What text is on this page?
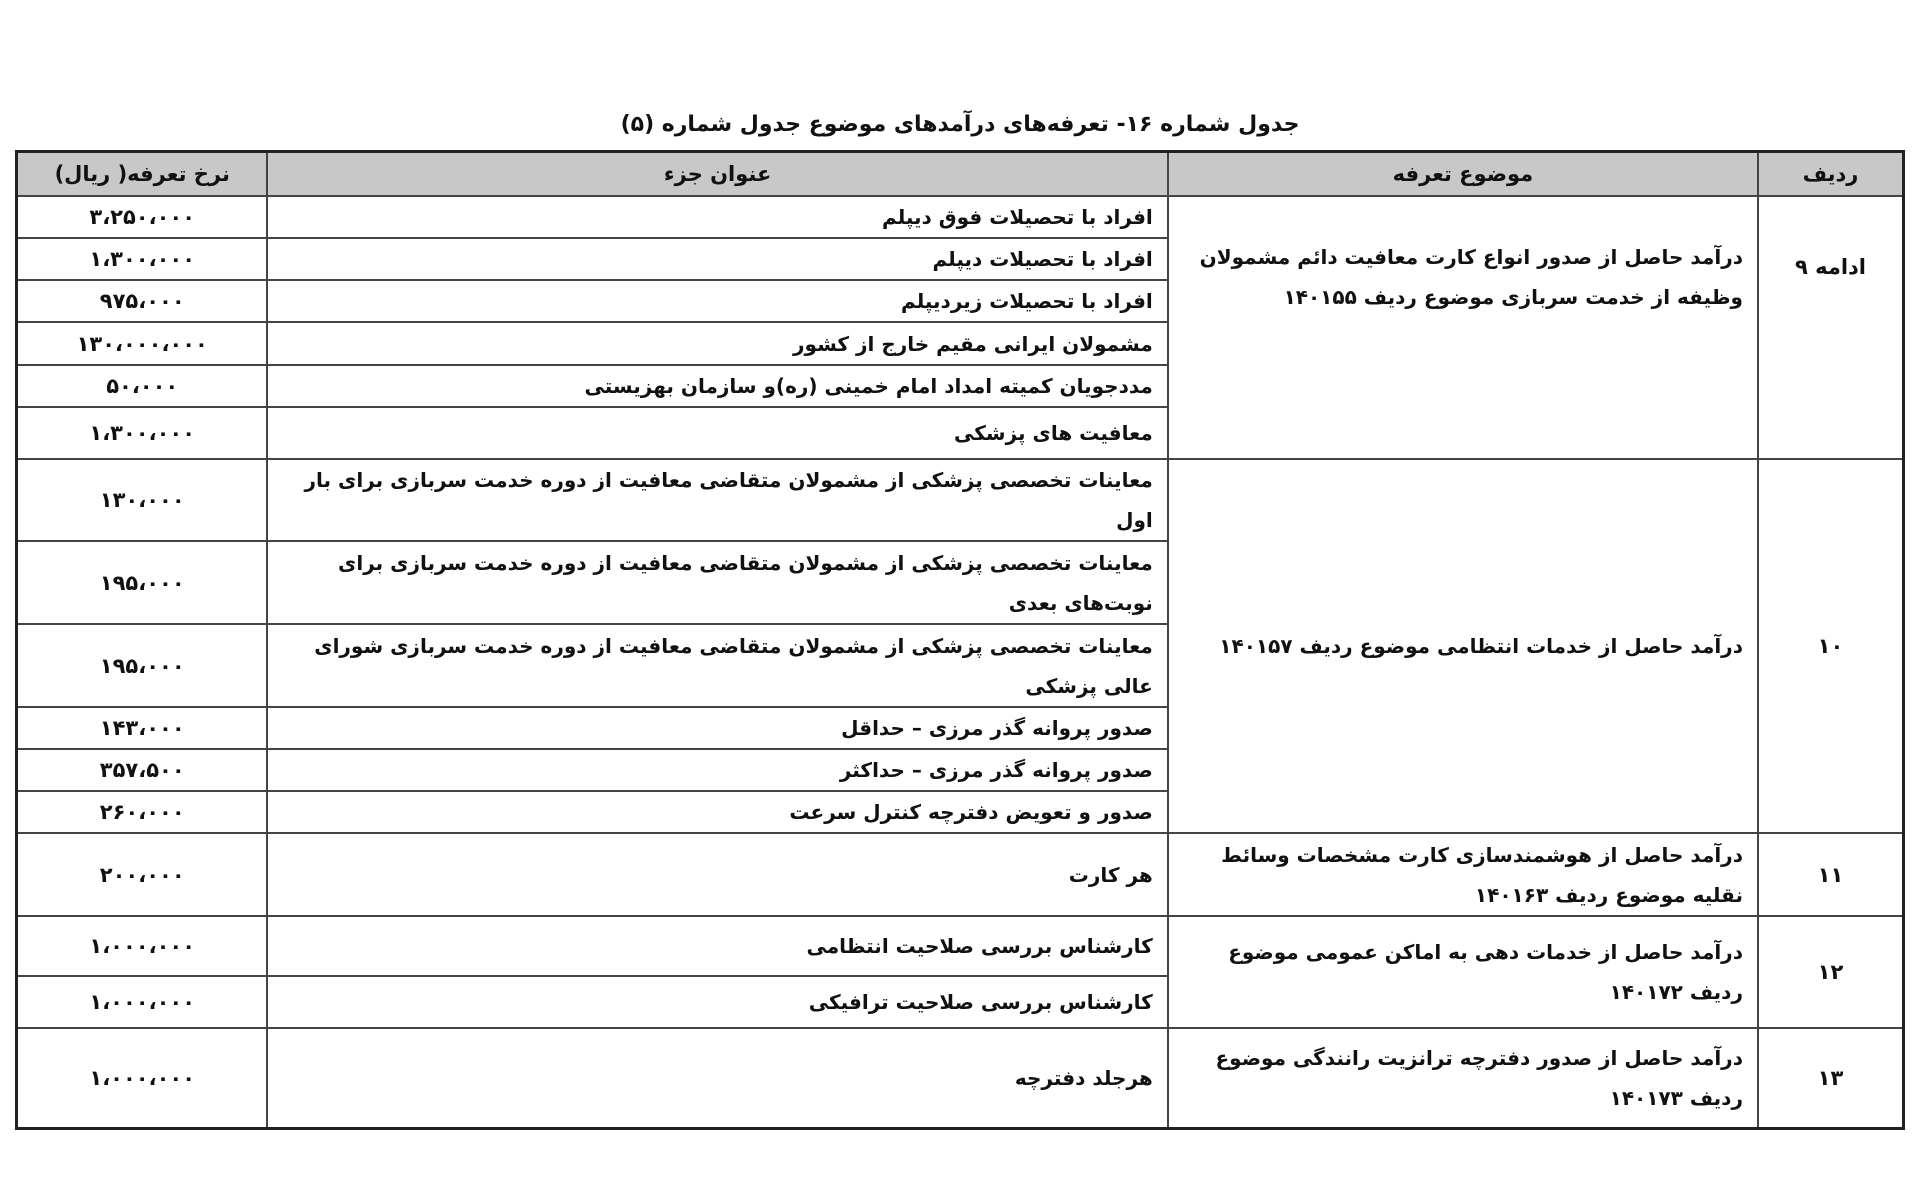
جدول شماره ۱۶- تعرفه‌های درآمدهای موضوع جدول شماره (۵)
ردیف	موضوع تعرفه	عنوان جزء	نرخ تعرفه( ریال)
ادامه ۹	درآمد حاصل از صدور انواع کارت معافیت دائم مشمولان وظیفه از خدمت سربازی موضوع ردیف ۱۴۰۱۵۵	افراد با تحصیلات فوق دیپلم	۳،۲۵۰،۰۰۰
		افراد با تحصیلات دیپلم	۱،۳۰۰،۰۰۰
		افراد با تحصیلات زیردیپلم	۹۷۵،۰۰۰
		مشمولان ایرانی مقیم خارج از کشور	۱۳۰،۰۰۰،۰۰۰
		مددجویان کمیته امداد امام خمینی (ره)و سازمان بهزیستی	۵۰،۰۰۰
		معافیت های پزشکی	۱،۳۰۰،۰۰۰
۱۰	درآمد حاصل از خدمات انتظامی موضوع ردیف ۱۴۰۱۵۷	معاینات تخصصی پزشکی از مشمولان متقاضی معافیت از دوره خدمت سربازی برای بار اول	۱۳۰،۰۰۰
		معاینات تخصصی پزشکی از مشمولان متقاضی معافیت از دوره خدمت سربازی برای نوبت‌های بعدی	۱۹۵،۰۰۰
		معاینات تخصصی پزشکی از مشمولان متقاضی معافیت از دوره خدمت سربازی شورای عالی پزشکی	۱۹۵،۰۰۰
		صدور پروانه گذر مرزی – حداقل	۱۴۳،۰۰۰
		صدور پروانه گذر مرزی – حداکثر	۳۵۷،۵۰۰
		صدور و تعویض دفترچه کنترل سرعت	۲۶۰،۰۰۰
۱۱	درآمد حاصل از هوشمندسازی کارت مشخصات وسائط نقلیه موضوع ردیف ۱۴۰۱۶۳	هر کارت	۲۰۰،۰۰۰
۱۲	درآمد حاصل از خدمات دهی به اماکن عمومی موضوع ردیف ۱۴۰۱۷۲	کارشناس بررسی صلاحیت انتظامی	۱،۰۰۰،۰۰۰
		کارشناس بررسی صلاحیت ترافیکی	۱،۰۰۰،۰۰۰
۱۳	درآمد حاصل از صدور دفترچه ترانزیت رانندگی موضوع ردیف ۱۴۰۱۷۳	هرجلد دفترچه	۱،۰۰۰،۰۰۰
